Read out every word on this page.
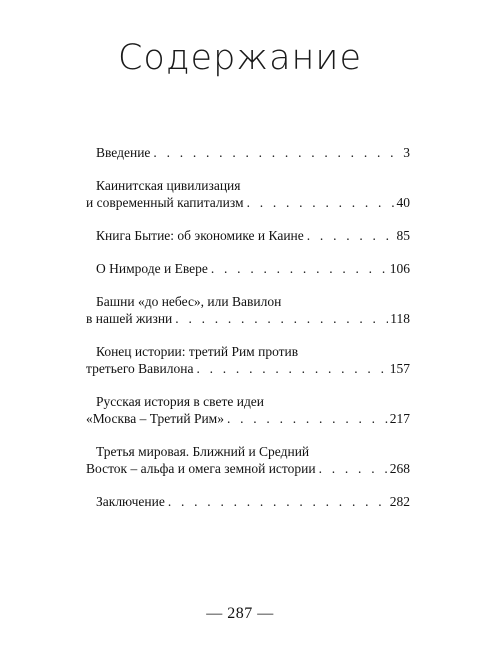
Содержание
Введение . . .	3
Каинитская цивилизация
и современный капитализм . . .	40
Книга Бытие: об экономике и Каине . . .	85
О Нимроде и Евере . . .	106
Башни «до небес», или Вавилон
в нашей жизни . . .	118
Конец истории: третий Рим против
третьего Вавилона . . .	157
Русская история в свете идеи
«Москва – Третий Рим» . . .	217
Третья мировая. Ближний и Средний
Восток – альфа и омега земной истории . . .	268
Заключение . . .	282
— 287 —
